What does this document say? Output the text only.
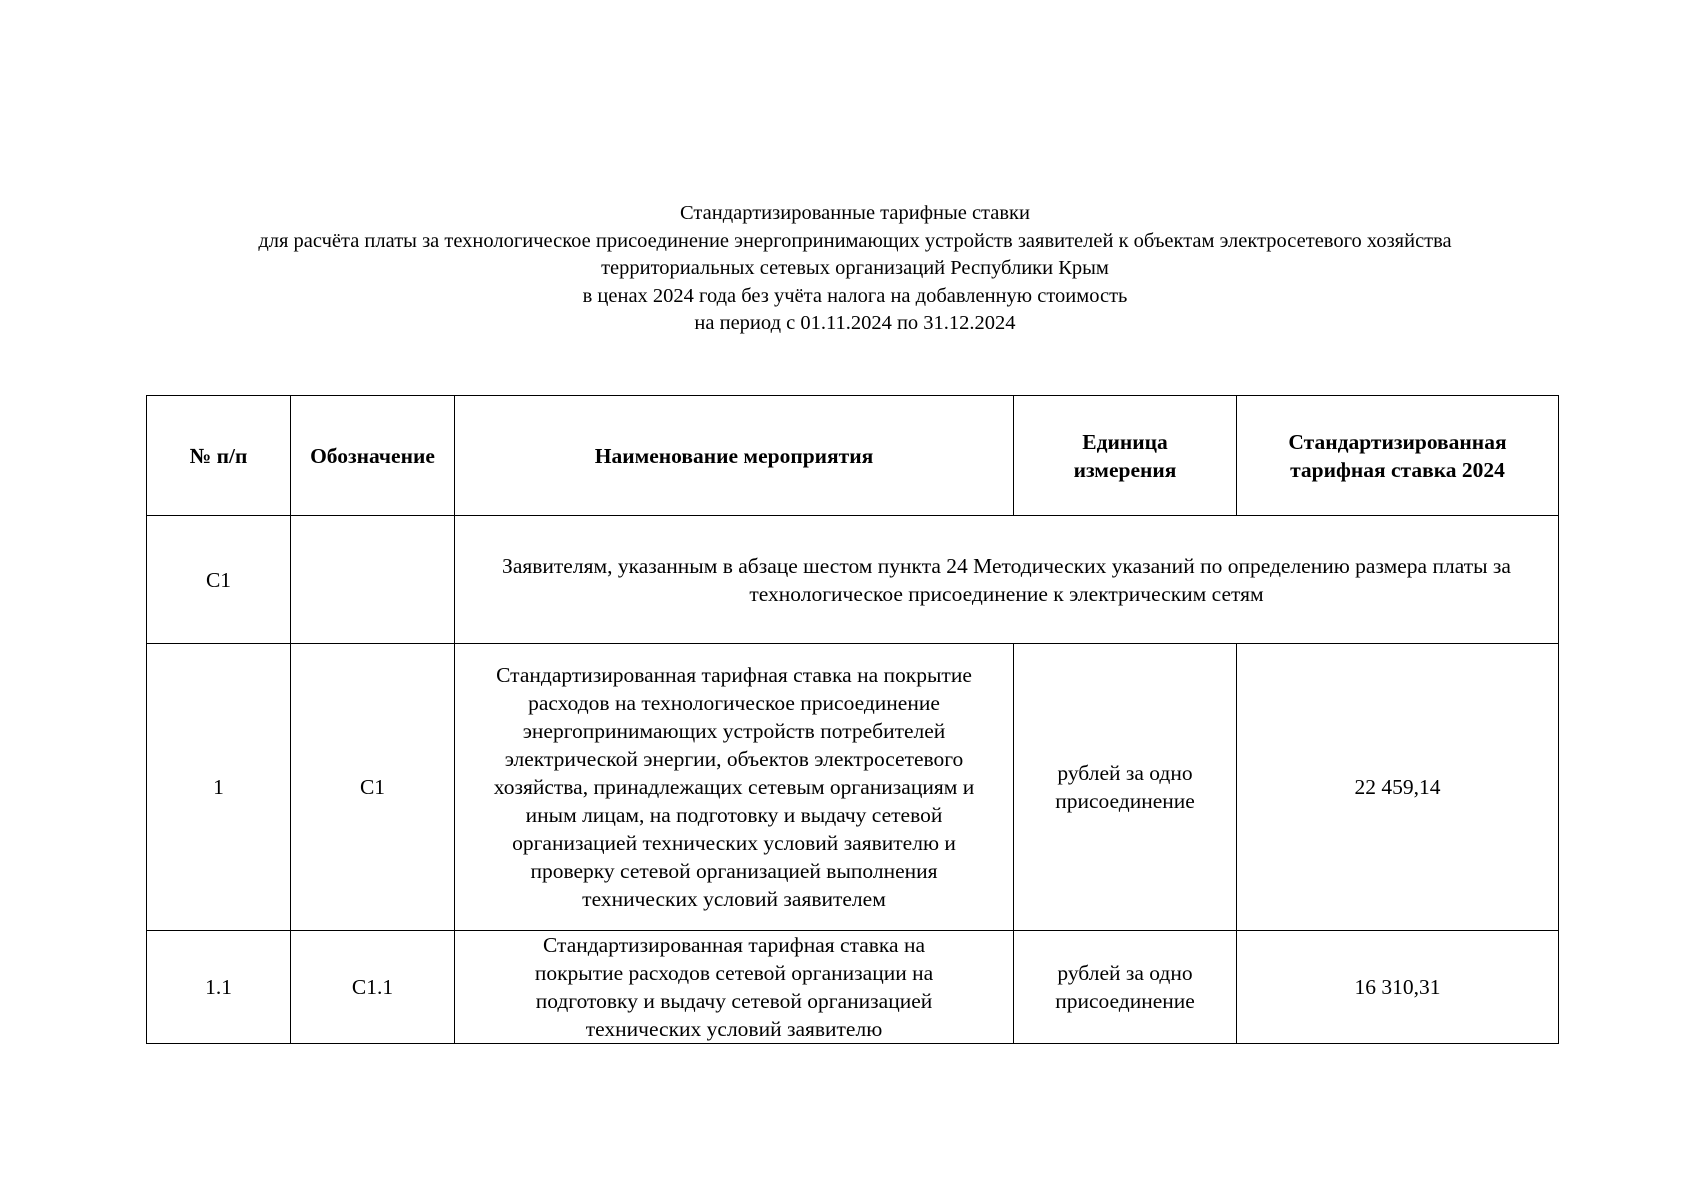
Стандартизированные тарифные ставки
для расчёта платы за технологическое присоединение энергопринимающих устройств заявителей к объектам электросетевого хозяйства
территориальных сетевых организаций Республики Крым
в ценах 2024 года без учёта налога на добавленную стоимость
на период с 01.11.2024 по 31.12.2024
№ п/п	Обозначение	Наименование мероприятия	Единица измерения	Стандартизированная тарифная ставка 2024
С1		Заявителям, указанным в абзаце шестом пункта 24 Методических указаний по определению размера платы за технологическое присоединение к электрическим сетям		
1	С1	Стандартизированная тарифная ставка на покрытие расходов на технологическое присоединение энергопринимающих устройств потребителей электрической энергии, объектов электросетевого хозяйства, принадлежащих сетевым организациям и иным лицам, на подготовку и выдачу сетевой организацией технических условий заявителю и проверку сетевой организацией выполнения технических условий заявителем	рублей за одно присоединение	22 459,14
1.1	С1.1	Стандартизированная тарифная ставка на покрытие расходов сетевой организации на подготовку и выдачу сетевой организацией технических условий заявителю	рублей за одно присоединение	16 310,31
